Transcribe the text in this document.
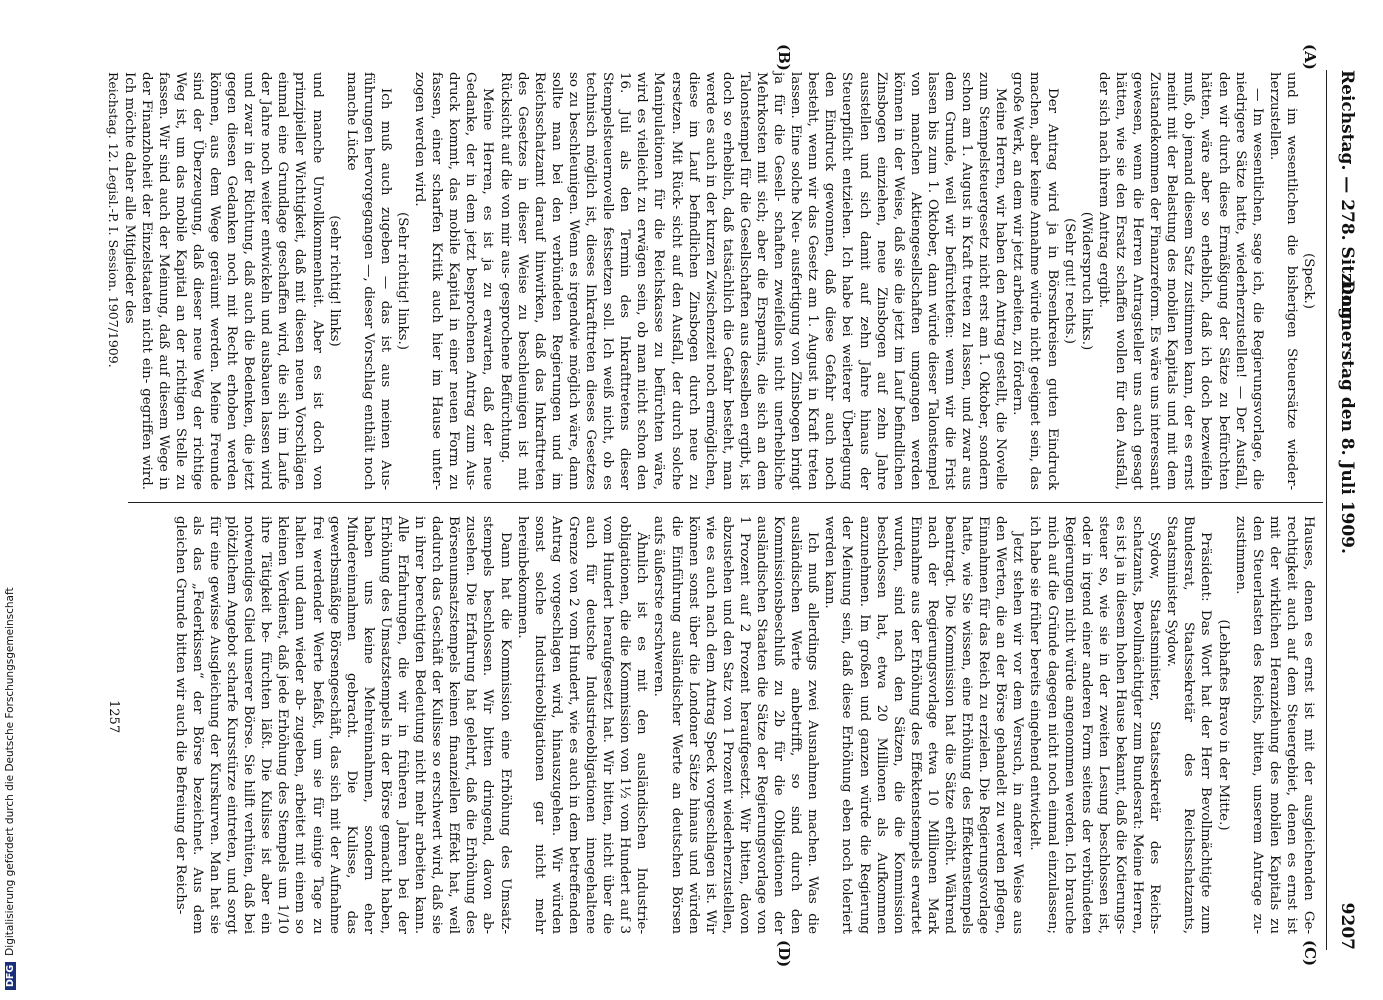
Reichstag. — 278. Sitzung.
Donnerstag den 8. Juli 1909.
9207
(A)
(B)
(C)
(D)

(Speck.)

und im wesentlichen die bisherigen Steuersätze wieder- herzustellen.

— Im wesentlichen, sage ich, die Regierungsvorlage, die niedrigere Sätze hatte, wiederherzustellen! — Der Ausfall, den wir durch diese Ermäßigung der Sätze zu befürchten hätten, wäre aber so erheblich, daß ich doch bezweifeln muß, ob jemand diesem Satz zustimmen kann, der es ernst meint mit der Belastung des mobilen Kapitals und mit dem Zustandekommen der Finanzreform. Es wäre uns interessant gewesen, wenn die Herren Antragsteller uns auch gesagt hätten, wie sie den Ersatz schaffen wollen für den Ausfall, der sich nach ihrem Antrag ergibt.

(Widerspruch links.)

(Sehr gut! rechts.)

Der Antrag wird ja in Börsenkreisen guten Eindruck machen, aber keine Annahme würde nicht geeignet sein, das große Werk, an dem wir jetzt arbeiten, zu fördern.

Meine Herren, wir haben den Antrag gestellt, die Novelle zum Stempelsteuergesetz nicht erst am 1. Oktober, sondern schon am 1. August in Kraft treten zu lassen, und zwar aus dem Grunde, weil wir befürchteten: wenn wir die Frist lassen bis zum 1. Oktober, dann würde dieser Talonstempel von manchen Aktiengesellschaften umgangen werden können in der Weise, daß sie die jetzt im Lauf befindlichen Zinsbogen einziehen, neue Zinsbogen auf zehn Jahre ausstellen und sich damit auf zehn Jahre hinaus der Steuerpflicht entziehen. Ich habe bei weiterer Überlegung den Eindruck gewonnen, daß diese Gefahr auch noch besteht, wenn wir das Gesetz am 1. August in Kraft treten lassen. Eine solche Neu- ausfertigung von Zinsbogen bringt ja für die Gesell- schaften zweifellos nicht unerhebliche Mehrkosten mit sich; aber die Ersparnis, die sich an dem Talonstempel für die Gesellschaften aus desselben ergibt, ist doch so erheblich, daß tatsächlich die Gefahr besteht, man werde es auch in der kurzen Zwischenzeit noch ermöglichen, diese im Lauf befindlichen Zinsbogen durch neue zu ersetzen. Mit Rück- sicht auf den Ausfall, der durch solche Manipulationen für die Reichskasse zu befürchten wäre, wird es vielleicht zu erwägen sein, ob man nicht schon den 16. Juli als den Termin des Inkrafttretens dieser Stempelsteuernovelle festsetzen soll. Ich weiß nicht, ob es technisch möglich ist, dieses Inkrafttreten dieses Gesetzes so zu beschleunigen. Wenn es irgendwie möglich wäre, dann sollte man bei den verbündeten Regierungen und im Reichsschatzamt darauf hinwirken, daß das Inkrafttreten des Gesetzes in dieser Weise zu beschleunigen ist mit Rücksicht auf die von mir aus- gesprochene Befürchtung.

Meine Herren, es ist ja zu erwarten, daß der neue Gedanke, der in dem jetzt besprochenen Antrag zum Aus- druck kommt, das mobile Kapital in einer neuen Form zu fassen, einer scharfen Kritik auch hier im Hause unter- zogen werden wird.

(Sehr richtig! links.)

Ich muß auch zugeben — das ist aus meinen Aus- führungen hervorgegangen —, dieser Vorschlag enthält noch manche Lücke

(sehr richtig! links)

und manche Unvollkommenheit. Aber es ist doch von prinzipieller Wichtigkeit, daß mit diesen neuen Vorschlägen einmal eine Grundlage geschaffen wird, die sich im Laufe der Jahre noch weiter entwickeln und ausbauen lassen wird und zwar in der Richtung, daß auch die Bedenken, die jetzt gegen diesen Gedanken noch mit Recht erhoben werden können, aus dem Wege geräumt werden. Meine Freunde sind der Überzeugung, daß dieser neue Weg der richtige Weg ist, um das mobile Kapital an der richtigen Stelle zu fassen. Wir sind auch der Meinung, daß auf diesem Wege in der Finanzhoheit der Einzelstaaten nicht ein- gegriffen wird. Ich möchte daher alle Mitglieder des

Hauses, denen es ernst ist mit der ausgleichenden Ge- rechtigkeit auch auf dem Steuergebiet, denen es ernst ist mit der wirklichen Heranziehung des mobilen Kapitals zu den Steuerlasten des Reichs, bitten, unserem Antrage zu- zustimmen.

(Lebhaftes Bravo in der Mitte.)

Präsident: Das Wort hat der Herr Bevollmächtigte zum Bundesrat, Staatssekretär des Reichsschatzamts, Staatsminister Sydow.

Sydow, Staatsminister, Staatssekretär des Reichs- schatzamts, Bevollmächtigter zum Bundesrat: Meine Herren, es ist ja in diesem hohen Hause bekannt, daß die Kotierungs- steuer so, wie sie in der zweiten Lesung beschlossen ist, oder in irgend einer anderen Form seitens der verbündeten Regierungen nicht würde angenommen werden. Ich brauche mich auf die Gründe dagegen nicht noch einmal einzulassen; ich habe sie früher bereits eingehend entwickelt.

Jetzt stehen wir vor dem Versuch, in anderer Weise aus den Werten, die an der Börse gehandelt zu werden pflegen, Einnahmen für das Reich zu erzielen. Die Regierungsvorlage hatte, wie Sie wissen, eine Erhöhung des Effektenstempels beantragt. Die Kommission hat die Sätze erhöht. Während nach der Regierungsvorlage etwa 10 Millionen Mark Einnahme aus der Erhöhung des Effektenstempels erwartet wurden, sind nach den Sätzen, die die Kommission beschlossen hat, etwa 20 Millionen als Aufkommen anzunehmen. Im großen und ganzen würde die Regierung der Meinung sein, daß diese Erhöhung eben noch toleriert werden kann.

Ich muß allerdings zwei Ausnahmen machen. Was die ausländischen Werte anbetrifft, so sind durch den Kommissionsbeschluß zu 2b für die Obligationen der ausländischen Staaten die Sätze der Regierungsvorlage von 1 Prozent auf 2 Prozent heraufgesetzt. Wir bitten, davon abzustehen und den Satz von 1 Prozent wiederherzustellen, wie es auch nach dem Antrag Speck vorgeschlagen ist. Wir können sonst über die Londoner Sätze hinaus und würden die Einführung ausländischer Werte an deutschen Börsen aufs äußerste erschweren.

Ähnlich ist es mit den ausländischen Industrie- obligationen, die die Kommission von 1½ vom Hundert auf 3 vom Hundert heraufgesetzt hat. Wir bitten, nicht über die auch für deutsche Industrieobligationen innegehaltene Grenze von 2 vom Hundert, wie es auch in dem betreffenden Antrag vorgeschlagen wird, hinauszugehen. Wir würden sonst solche Industrieobligationen gar nicht mehr hereinbekommen.

Dann hat die Kommission eine Erhöhung des Umsatz- stempels beschlossen. Wir bitten dringend, davon ab- zusehen. Die Erfahrung hat gelehrt, daß die Erhöhung des Börsenumsatzstempels keinen finanziellen Effekt hat, weil dadurch das Geschäft der Kulisse so erschwert wird, daß sie in ihrer berechtigten Bedeutung nicht mehr arbeiten kann. Alle Erfahrungen, die wir in früheren Jahren bei der Erhöhung des Umsatzstempels in der Börse gemacht haben, haben uns keine Mehreinnahmen, sondern eher Mindereinnahmen gebracht. Die Kulisse, das gewerbsmäßige Börsengeschäft, das sich mit der Aufnahme frei werdender Werte befaßt, um sie für einige Tage zu halten und dann wieder ab- zugeben, arbeitet mit einem so kleinen Verdienst, daß jede Erhöhung des Stempels um 1/10 ihre Tätigkeit be- fürchten läßt. Die Kulisse ist aber ein notwendiges Glied unserer Börse. Sie hilft verhüten, daß bei plötzlichem Angebot scharfe Kursstürze eintreten, und sorgt für eine gewisse Ausgleichung der Kurskurven. Man hat sie als das „Federkissen“ der Börse bezeichnet. Aus dem gleichen Grunde bitten wir auch die Befreiung der Reichs-

Reichstag. 12. Legisl.-P. I. Session. 1907/1909.
1257
DFGDigitalisierung gefördert durch die Deutsche Forschungsgemeinschaft
